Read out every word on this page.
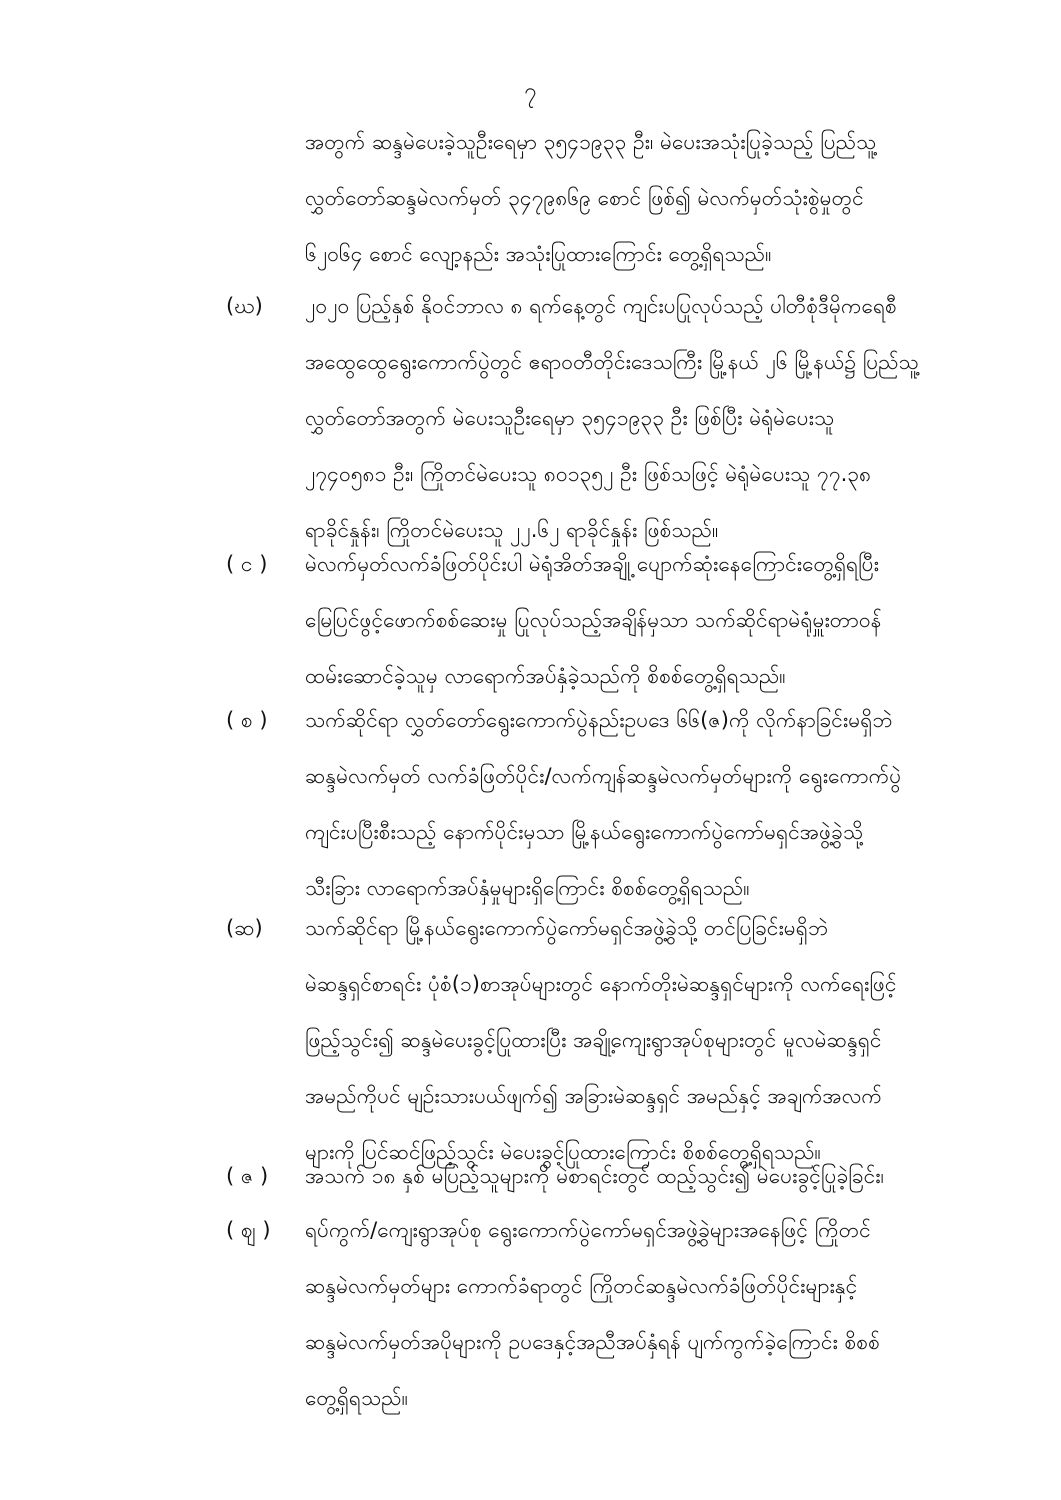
၇
အတွက် ဆန္ဒမဲပေးခဲ့သူဦးရေမှာ ၃၅၄၁၉၃၃ ဦး၊ မဲပေးအသုံးပြုခဲ့သည့် ပြည်သူ့
လွှတ်တော်ဆန္ဒမဲလက်မှတ် ၃၄၇၉၈၆၉ စောင် ဖြစ်၍ မဲလက်မှတ်သုံးစွဲမှုတွင်
၆၂၀၆၄ စောင် လျော့နည်း အသုံးပြုထားကြောင်း တွေ့ရှိရသည်။
(ဃ)	၂၀၂၀ ပြည့်နှစ် နိုဝင်ဘာလ ၈ ရက်နေ့တွင် ကျင်းပပြုလုပ်သည့် ပါတီစုံဒီမိုကရေစီ
အထွေထွေရွေးကောက်ပွဲတွင် ဧရာဝတီတိုင်းဒေသကြီး မြို့နယ် ၂၆ မြို့နယ်၌ ပြည်သူ့
လွှတ်တော်အတွက် မဲပေးသူဦးရေမှာ ၃၅၄၁၉၃၃ ဦး ဖြစ်ပြီး မဲရုံမဲပေးသူ
၂၇၄၀၅၈၁ ဦး၊ ကြိုတင်မဲပေးသူ ၈၀၁၃၅၂ ဦး ဖြစ်သဖြင့် မဲရုံမဲပေးသူ ၇၇.၃၈
ရာခိုင်နှုန်း၊ ကြိုတင်မဲပေးသူ ၂၂.၆၂ ရာခိုင်နှုန်း ဖြစ်သည်။
( င )	မဲလက်မှတ်လက်ခံဖြတ်ပိုင်းပါ မဲရုံအိတ်အချို့ ပျောက်ဆုံးနေကြောင်းတွေ့ရှိရပြီး
မြေပြင်ဖွင့်ဖောက်စစ်ဆေးမှု ပြုလုပ်သည့်အချိန်မှသာ သက်ဆိုင်ရာမဲရုံမှူးတာဝန်
ထမ်းဆောင်ခဲ့သူမှ လာရောက်အပ်နှံခဲ့သည်ကို စိစစ်တွေ့ရှိရသည်။
( စ )	သက်ဆိုင်ရာ လွှတ်တော်ရွေးကောက်ပွဲနည်းဥပဒေ ၆၆(ဇ)ကို လိုက်နာခြင်းမရှိဘဲ
ဆန္ဒမဲလက်မှတ် လက်ခံဖြတ်ပိုင်း/လက်ကျန်ဆန္ဒမဲလက်မှတ်များကို ရွေးကောက်ပွဲ
ကျင်းပပြီးစီးသည့် နောက်ပိုင်းမှသာ မြို့နယ်ရွေးကောက်ပွဲကော်မရှင်အဖွဲ့ခွဲသို့
သီးခြား လာရောက်အပ်နှံမှုများရှိကြောင်း စိစစ်တွေ့ရှိရသည်။
(ဆ)	သက်ဆိုင်ရာ မြို့နယ်ရွေးကောက်ပွဲကော်မရှင်အဖွဲ့ခွဲသို့ တင်ပြခြင်းမရှိဘဲ
မဲဆန္ဒရှင်စာရင်း ပုံစံ(၁)စာအုပ်များတွင် နောက်တိုးမဲဆန္ဒရှင်များကို လက်ရေးဖြင့်
ဖြည့်သွင်း၍ ဆန္ဒမဲပေးခွင့်ပြုထားပြီး အချို့ကျေးရွာအုပ်စုများတွင် မူလမဲဆန္ဒရှင်
အမည်ကိုပင် မျဉ်းသားပယ်ဖျက်၍ အခြားမဲဆန္ဒရှင် အမည်နှင့် အချက်အလက်
များကို ပြင်ဆင်ဖြည့်သွင်း မဲပေးခွင့်ပြုထားကြောင်း စိစစ်တွေ့ရှိရသည်။
( ဇ )	အသက် ၁၈ နှစ် မပြည့်သူများကို မဲစာရင်းတွင် ထည့်သွင်း၍ မဲပေးခွင့်ပြုခဲ့ခြင်း၊
( ဈ )	ရပ်ကွက်/ကျေးရွာအုပ်စု ရွေးကောက်ပွဲကော်မရှင်အဖွဲ့ခွဲများအနေဖြင့် ကြိုတင်
ဆန္ဒမဲလက်မှတ်များ ကောက်ခံရာတွင် ကြိုတင်ဆန္ဒမဲလက်ခံဖြတ်ပိုင်းများနှင့်
ဆန္ဒမဲလက်မှတ်အပိုများကို ဥပဒေနှင့်အညီအပ်နှံရန် ပျက်ကွက်ခဲ့ကြောင်း စိစစ်
တွေ့ရှိရသည်။
